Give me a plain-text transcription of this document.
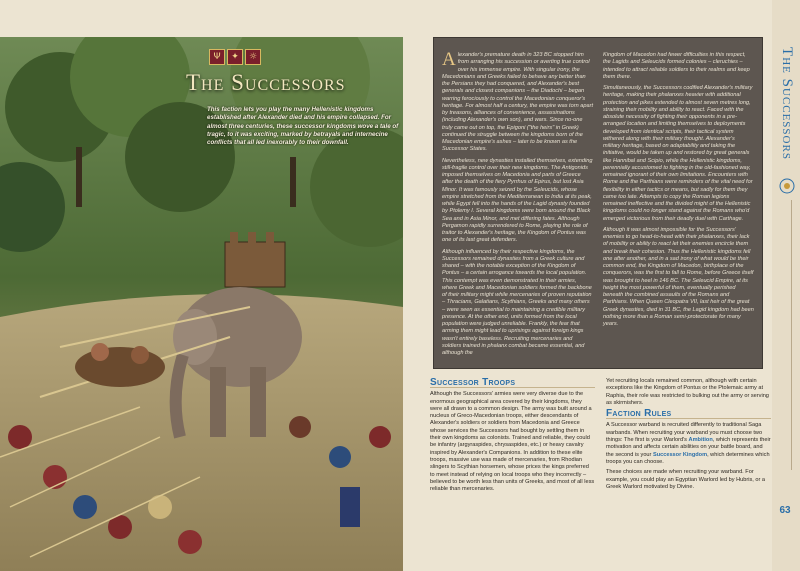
Ψ	✦	☼
The Successors
This faction lets you play the many Hellenistic kingdoms established after Alexander died and his empire collapsed. For almost three centuries, these successor kingdoms wove a tale of tragic, to it was exciting, marked by betrayals and internecine conflicts that all led inexorably to their downfall.

Alexander's premature death in 323 BC stopped him from arranging his succession or averting true control over his immense empire. With singular irony, the Macedonians and Greeks failed to behave any better than the Persians they had conquered, and Alexander's best generals and closest companions – the Diadochi – began warring ferociously to control the Macedonian conqueror's heritage. For almost half a century, the empire was torn apart by treasons, alliances of convenience, assassinations (including Alexander's own son), and wars. Since no-one truly came out on top, the Epigoni ("the heirs" in Greek) continued the struggle between the kingdoms born of the Macedonian empire's ashes – later to be known as the Successor States.

Nevertheless, new dynasties installed themselves, extending still-fragile control over their new kingdoms. The Antigonids imposed themselves on Macedonia and parts of Greece after the death of the fiery Pyrrhus of Epirus, but lost Asia Minor. It was famously seized by the Seleucids, whose empire stretched from the Mediterranean to India at its peak, while Egypt fell into the hands of the Lagid dynasty founded by Ptolemy I. Several kingdoms were born around the Black Sea and in Asia Minor, and met differing fates. Although Pergamon rapidly surrendered to Rome, playing the role of traitor to Alexander's heritage, the Kingdom of Pontus was one of its last great defenders.

Although influenced by their respective kingdoms, the Successors remained dynasties from a Greek culture and shared – with the notable exception of the Kingdom of Pontus – a certain arrogance towards the local population. This contempt was even demonstrated in their armies, where Greek and Macedonian soldiers formed the backbone of their military might while mercenaries of proven reputation – Thracians, Galatians, Scythians, Greeks and many others – were seen as essential to maintaining a credible military presence. At the other end, units formed from the local population were judged unreliable. Frankly, the fear that arming them might lead to uprisings against foreign kings wasn't entirely baseless. Recruiting mercenaries and soldiers trained in phalanx combat became essential, and although the

Kingdom of Macedon had fewer difficulties in this respect, the Lagids and Seleucids formed colonies – cleruchies – intended to attract reliable soldiers to their realms and keep them there.

Simultaneously, the Successors codified Alexander's military heritage, making their phalanxes heavier with additional protection and pikes extended to almost seven metres long, straining their mobility and ability to react. Faced with the absolute necessity of fighting their opponents in a pre-arranged location and limiting themselves to deployments developed from identical scripts, their tactical system withered along with their military thought. Alexander's military heritage, based on adaptability and taking the initiative, would be taken up and restored by great generals like Hannibal and Scipio, while the Hellenistic kingdoms, perennially accustomed to fighting in the old-fashioned way, remained ignorant of their own limitations. Encounters with Rome and the Parthians were reminders of the vital need for flexibility in either tactics or means, but sadly for them they came too late. Attempts to copy the Roman legions remained ineffective and the divided might of the Hellenistic kingdoms could no longer stand against the Romans who'd emerged victorious from their deadly duel with Carthage.

Although it was almost impossible for the Successors' enemies to go head-to-head with their phalanxes, their lack of mobility or ability to react let their enemies encircle them and break their cohesion. Thus the Hellenistic kingdoms fell one after another, and in a sad irony of what would be their common end, the Kingdom of Macedon, birthplace of the conquerors, was the first to fall to Rome, before Greece itself was brought to heel in 146 BC. The Seleucid Empire, at its height the most powerful of them, eventually perished beneath the combined assaults of the Romans and Parthians. When Queen Cleopatra VII, last heir of the great Greek dynasties, died in 31 BC, the Lagid kingdom had been nothing more than a Roman semi-protectorate for many years.

Successor Troops

Although the Successors' armies were very diverse due to the enormous geographical area covered by their kingdoms, they were all drawn to a common design. The army was built around a nucleus of Greco-Macedonian troops, either descendants of Alexander's soldiers or soldiers from Macedonia and Greece whose services the Successors had bought by settling them in their own kingdoms as colonists. Trained and reliable, they could be infantry (argyraspides, chrysaspides, etc.) or heavy cavalry inspired by Alexander's Companions. In addition to these elite troops, massive use was made of mercenaries, from Rhodian slingers to Scythian horsemen, whose prices the kings preferred to meet instead of relying on local troops who they incorrectly – believed to be worth less than units of Greeks, and most of all less reliable than mercenaries.

Yet recruiting locals remained common, although with certain exceptions like the Kingdom of Pontus or the Ptolemaic army at Raphia, their role was restricted to bulking out the army or serving as skirmishers.

Faction Rules

A Successor warband is recruited differently to traditional Saga warbands. When recruiting your warband you must choose two things: The first is your Warlord's Ambition, which represents their motivation and affects certain abilities on your battle board, and the second is your Successor Kingdom, which determines which troops you can choose.

These choices are made when recruiting your warband. For example, you could play an Egyptian Warlord led by Hubris, or a Greek Warlord motivated by Divine.

The Successors
63
